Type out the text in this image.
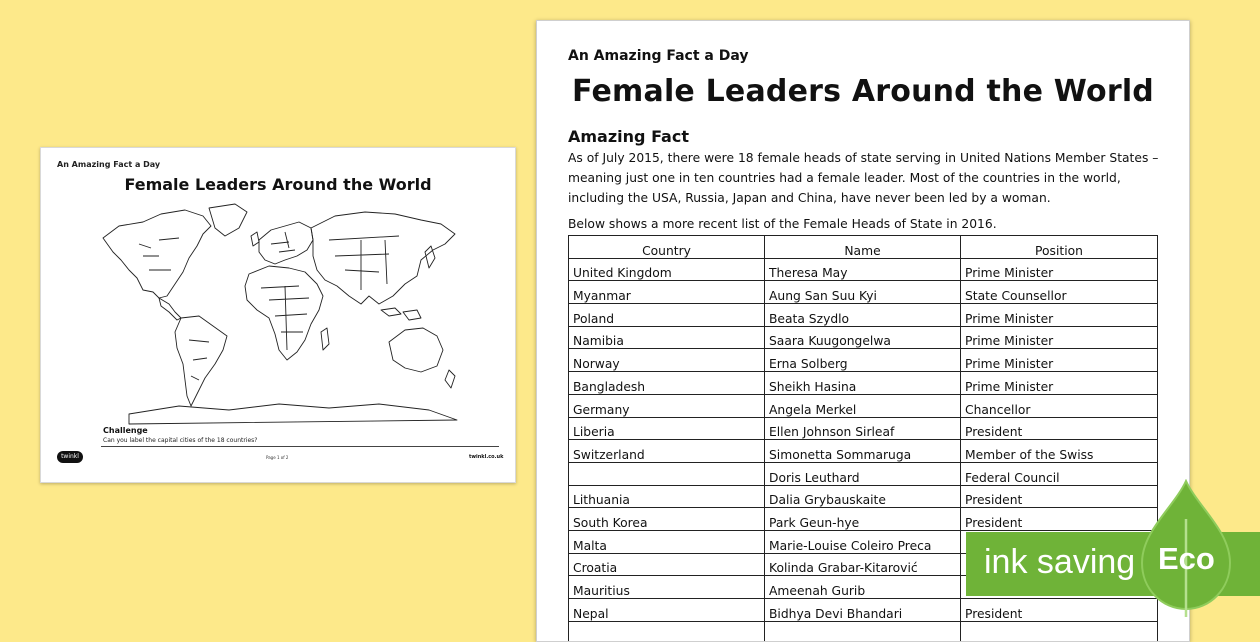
An Amazing Fact a Day
Female Leaders Around the World
Challenge
Can you label the capital cities of the 18 countries?
twinkl	Page 1 of 2	twinkl.co.uk
An Amazing Fact a Day
Female Leaders Around the World
Amazing Fact
As of July 2015, there were 18 female heads of state serving in United Nations Member States – meaning just one in ten countries had a female leader. Most of the countries in the world, including the USA, Russia, Japan and China, have never been led by a woman.
Below shows a more recent list of the Female Heads of State in 2016.
Country	Name	Position
United Kingdom	Theresa May	Prime Minister
Myanmar	Aung San Suu Kyi	State Counsellor
Poland	Beata Szydlo	Prime Minister
Namibia	Saara Kuugongelwa	Prime Minister
Norway	Erna Solberg	Prime Minister
Bangladesh	Sheikh Hasina	Prime Minister
Germany	Angela Merkel	Chancellor
Liberia	Ellen Johnson Sirleaf	President
Switzerland	Simonetta Sommaruga	Member of the Swiss
	Doris Leuthard	Federal Council
Lithuania	Dalia Grybauskaite	President
South Korea	Park Geun-hye	President
Malta	Marie-Louise Coleiro Preca	
Croatia	Kolinda Grabar-Kitarović	
Mauritius	Ameenah Gurib	
Nepal	Bidhya Devi Bhandari	President

ink saving Eco
